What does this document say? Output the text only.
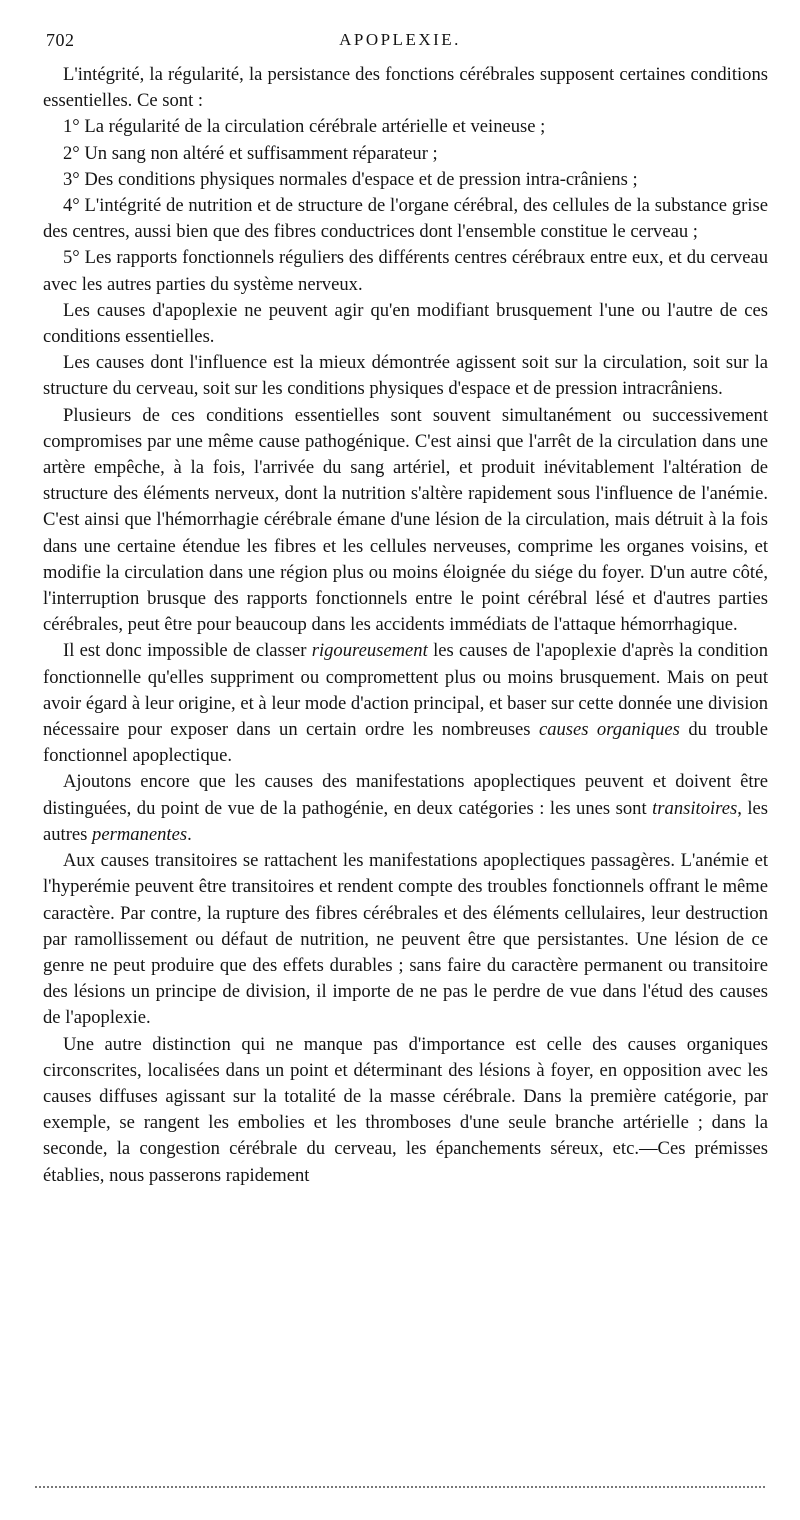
702	APOPLEXIE.

L'intégrité, la régularité, la persistance des fonctions cérébrales supposent certaines conditions essentielles. Ce sont :

1° La régularité de la circulation cérébrale artérielle et veineuse ;

2° Un sang non altéré et suffisamment réparateur ;

3° Des conditions physiques normales d'espace et de pression intra-crâniens ;

4° L'intégrité de nutrition et de structure de l'organe cérébral, des cellules de la substance grise des centres, aussi bien que des fibres conductrices dont l'ensemble constitue le cerveau ;

5° Les rapports fonctionnels réguliers des différents centres cérébraux entre eux, et du cerveau avec les autres parties du système nerveux.

Les causes d'apoplexie ne peuvent agir qu'en modifiant brusquement l'une ou l'autre de ces conditions essentielles.

Les causes dont l'influence est la mieux démontrée agissent soit sur la circulation, soit sur la structure du cerveau, soit sur les conditions physiques d'espace et de pression intracrâniens.

Plusieurs de ces conditions essentielles sont souvent simultanément ou successivement compromises par une même cause pathogénique. C'est ainsi que l'arrêt de la circulation dans une artère empêche, à la fois, l'arrivée du sang artériel, et produit inévitablement l'altération de structure des éléments nerveux, dont la nutrition s'altère rapidement sous l'influence de l'anémie. C'est ainsi que l'hémorrhagie cérébrale émane d'une lésion de la circulation, mais détruit à la fois dans une certaine étendue les fibres et les cellules nerveuses, comprime les organes voisins, et modifie la circulation dans une région plus ou moins éloignée du siége du foyer. D'un autre côté, l'interruption brusque des rapports fonctionnels entre le point cérébral lésé et d'autres parties cérébrales, peut être pour beaucoup dans les accidents immédiats de l'attaque hémorrhagique.

Il est donc impossible de classer rigoureusement les causes de l'apoplexie d'après la condition fonctionnelle qu'elles suppriment ou compromettent plus ou moins brusquement. Mais on peut avoir égard à leur origine, et à leur mode d'action principal, et baser sur cette donnée une division nécessaire pour exposer dans un certain ordre les nombreuses causes organiques du trouble fonctionnel apoplectique.

Ajoutons encore que les causes des manifestations apoplectiques peuvent et doivent être distinguées, du point de vue de la pathogénie, en deux catégories : les unes sont transitoires, les autres permanentes.

Aux causes transitoires se rattachent les manifestations apoplectiques passagères. L'anémie et l'hyperémie peuvent être transitoires et rendent compte des troubles fonctionnels offrant le même caractère. Par contre, la rupture des fibres cérébrales et des éléments cellulaires, leur destruction par ramollissement ou défaut de nutrition, ne peuvent être que persistantes. Une lésion de ce genre ne peut produire que des effets durables ; sans faire du caractère permanent ou transitoire des lésions un principe de division, il importe de ne pas le perdre de vue dans l'étud des causes de l'apoplexie.

Une autre distinction qui ne manque pas d'importance est celle des causes organiques circonscrites, localisées dans un point et déterminant des lésions à foyer, en opposition avec les causes diffuses agissant sur la totalité de la masse cérébrale. Dans la première catégorie, par exemple, se rangent les embolies et les thromboses d'une seule branche artérielle ; dans la seconde, la congestion cérébrale du cerveau, les épanchements séreux, etc.—Ces prémisses établies, nous passerons rapidement
